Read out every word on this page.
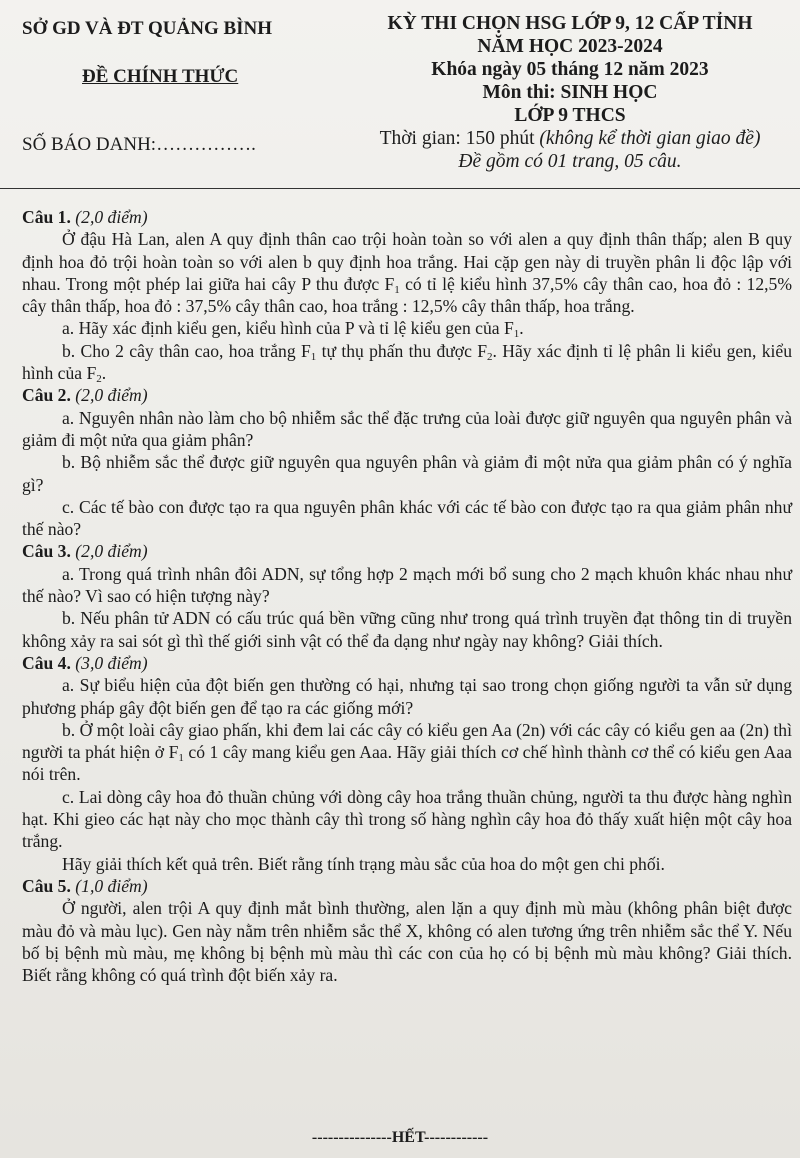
SỞ GD VÀ ĐT QUẢNG BÌNH
ĐỀ CHÍNH THỨC
SỐ BÁO DANH:…………….
KỲ THI CHỌN HSG LỚP 9, 12 CẤP TỈNH
NĂM HỌC 2023-2024
Khóa ngày 05 tháng 12 năm 2023
Môn thi: SINH HỌC
LỚP 9 THCS
Thời gian: 150 phút (không kể thời gian giao đề)
Đề gồm có 01 trang, 05 câu.
Câu 1. (2,0 điểm)

Ở đậu Hà Lan, alen A quy định thân cao trội hoàn toàn so với alen a quy định thân thấp; alen B quy định hoa đỏ trội hoàn toàn so với alen b quy định hoa trắng. Hai cặp gen này di truyền phân li độc lập với nhau. Trong một phép lai giữa hai cây P thu được $F_1$ có tỉ lệ kiểu hình 37,5% cây thân cao, hoa đỏ : 12,5% cây thân thấp, hoa đỏ : 37,5% cây thân cao, hoa trắng : 12,5% cây thân thấp, hoa trắng.

a. Hãy xác định kiểu gen, kiểu hình của P và tỉ lệ kiểu gen của $F_1$.

b. Cho 2 cây thân cao, hoa trắng $F_1$ tự thụ phấn thu được $F_2$. Hãy xác định tỉ lệ phân li kiểu gen, kiểu hình của $F_2$.

Câu 2. (2,0 điểm)

a. Nguyên nhân nào làm cho bộ nhiễm sắc thể đặc trưng của loài được giữ nguyên qua nguyên phân và giảm đi một nửa qua giảm phân?

b. Bộ nhiễm sắc thể được giữ nguyên qua nguyên phân và giảm đi một nửa qua giảm phân có ý nghĩa gì?

c. Các tế bào con được tạo ra qua nguyên phân khác với các tế bào con được tạo ra qua giảm phân như thế nào?

Câu 3. (2,0 điểm)

a. Trong quá trình nhân đôi ADN, sự tổng hợp 2 mạch mới bổ sung cho 2 mạch khuôn khác nhau như thế nào? Vì sao có hiện tượng này?

b. Nếu phân tử ADN có cấu trúc quá bền vững cũng như trong quá trình truyền đạt thông tin di truyền không xảy ra sai sót gì thì thế giới sinh vật có thể đa dạng như ngày nay không? Giải thích.

Câu 4. (3,0 điểm)

a. Sự biểu hiện của đột biến gen thường có hại, nhưng tại sao trong chọn giống người ta vẫn sử dụng phương pháp gây đột biến gen để tạo ra các giống mới?

b. Ở một loài cây giao phấn, khi đem lai các cây có kiểu gen Aa (2n) với các cây có kiểu gen aa (2n) thì người ta phát hiện ở $F_1$ có 1 cây mang kiểu gen Aaa. Hãy giải thích cơ chế hình thành cơ thể có kiểu gen Aaa nói trên.

c. Lai dòng cây hoa đỏ thuần chủng với dòng cây hoa trắng thuần chủng, người ta thu được hàng nghìn hạt. Khi gieo các hạt này cho mọc thành cây thì trong số hàng nghìn cây hoa đỏ thấy xuất hiện một cây hoa trắng.

Hãy giải thích kết quả trên. Biết rằng tính trạng màu sắc của hoa do một gen chi phối.

Câu 5. (1,0 điểm)

Ở người, alen trội A quy định mắt bình thường, alen lặn a quy định mù màu (không phân biệt được màu đỏ và màu lục). Gen này nằm trên nhiễm sắc thể X, không có alen tương ứng trên nhiễm sắc thể Y. Nếu bố bị bệnh mù màu, mẹ không bị bệnh mù màu thì các con của họ có bị bệnh mù màu không? Giải thích. Biết rằng không có quá trình đột biến xảy ra.

---------------HẾT------------
